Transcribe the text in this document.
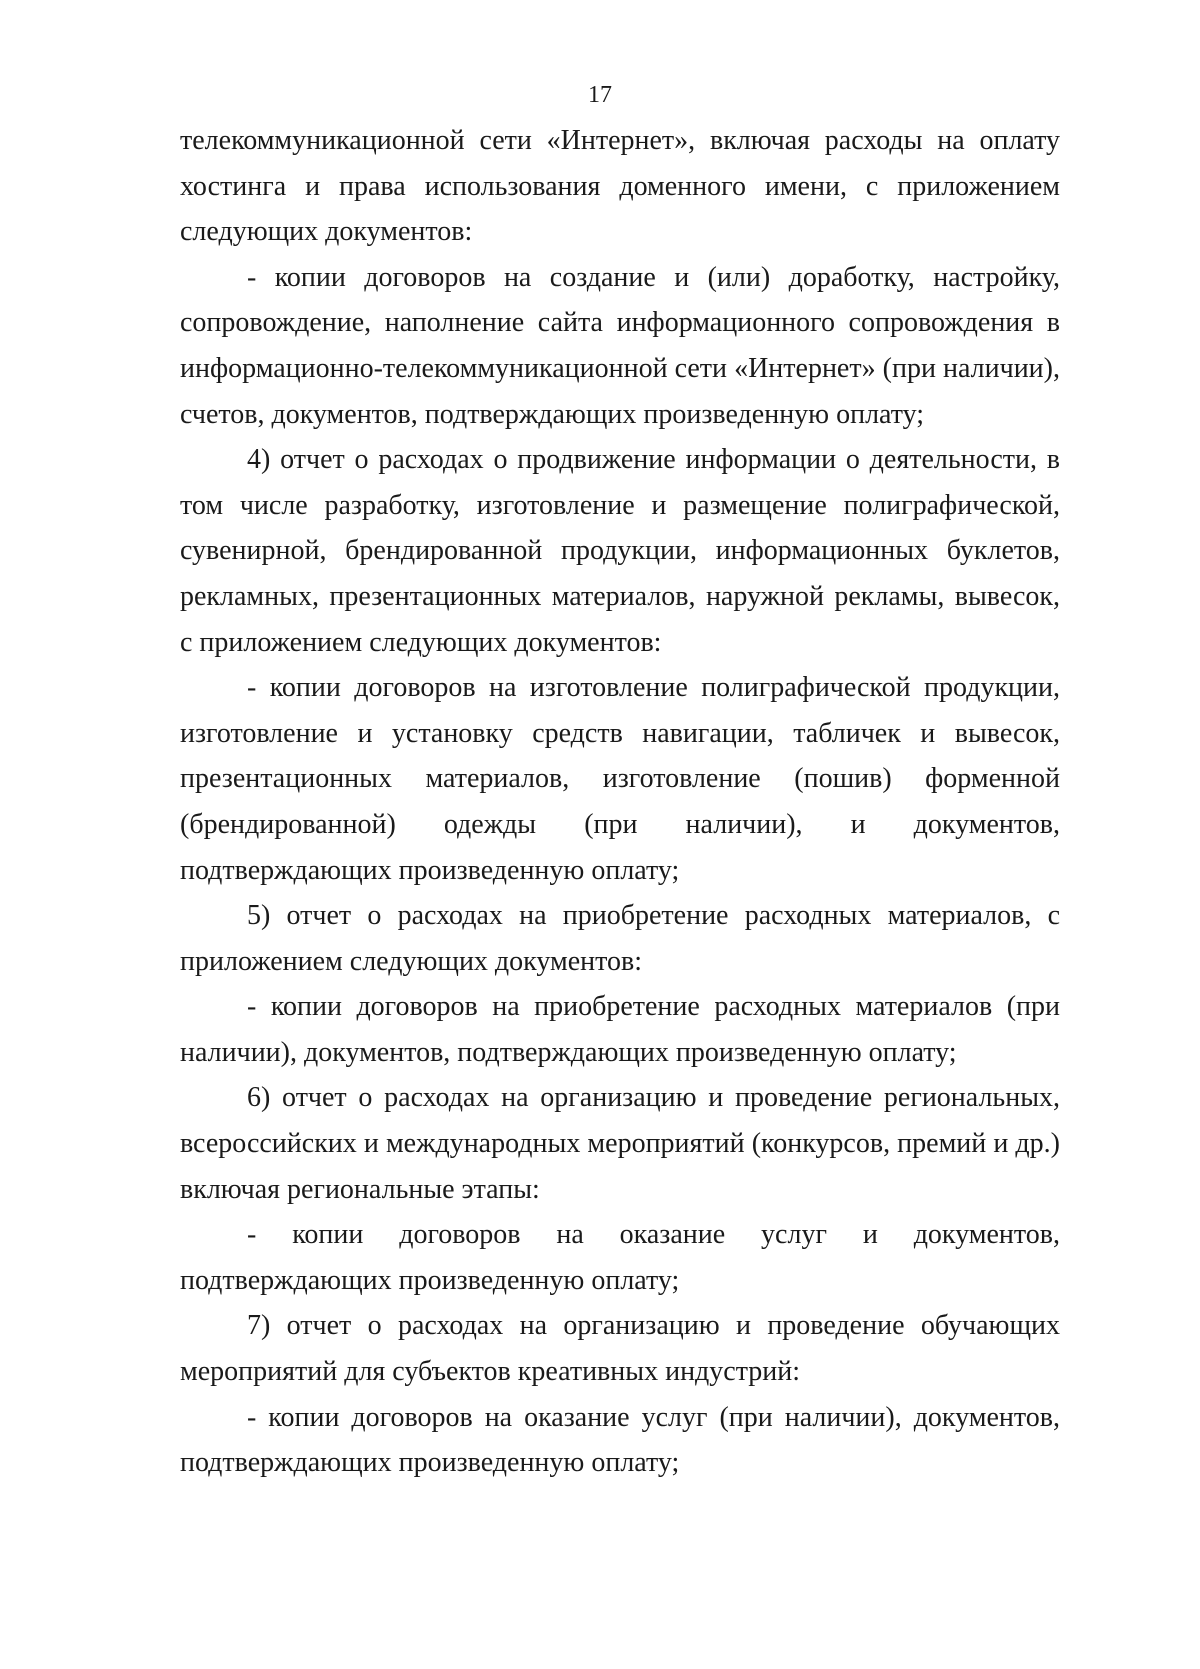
17

телекоммуникационной сети «Интернет», включая расходы на оплату хостинга и права использования доменного имени, с приложением следующих документов:

- копии договоров на создание и (или) доработку, настройку, сопровождение, наполнение сайта информационного сопровождения в информационно-телекоммуникационной сети «Интернет» (при наличии), счетов, документов, подтверждающих произведенную оплату;

4) отчет о расходах о продвижение информации о деятельности, в том числе разработку, изготовление и размещение полиграфической, сувенирной, брендированной продукции, информационных буклетов, рекламных, презентационных материалов, наружной рекламы, вывесок, с приложением следующих документов:

- копии договоров на изготовление полиграфической продукции, изготовление и установку средств навигации, табличек и вывесок, презентационных материалов, изготовление (пошив) форменной (брендированной) одежды (при наличии), и документов, подтверждающих произведенную оплату;

5) отчет о расходах на приобретение расходных материалов, с приложением следующих документов:

- копии договоров на приобретение расходных материалов (при наличии), документов, подтверждающих произведенную оплату;

6) отчет о расходах на организацию и проведение региональных, всероссийских и международных мероприятий (конкурсов, премий и др.) включая региональные этапы:

- копии договоров на оказание услуг и документов, подтверждающих произведенную оплату;

7) отчет о расходах на организацию и проведение обучающих мероприятий для субъектов креативных индустрий:

- копии договоров на оказание услуг (при наличии), документов, подтверждающих произведенную оплату;
